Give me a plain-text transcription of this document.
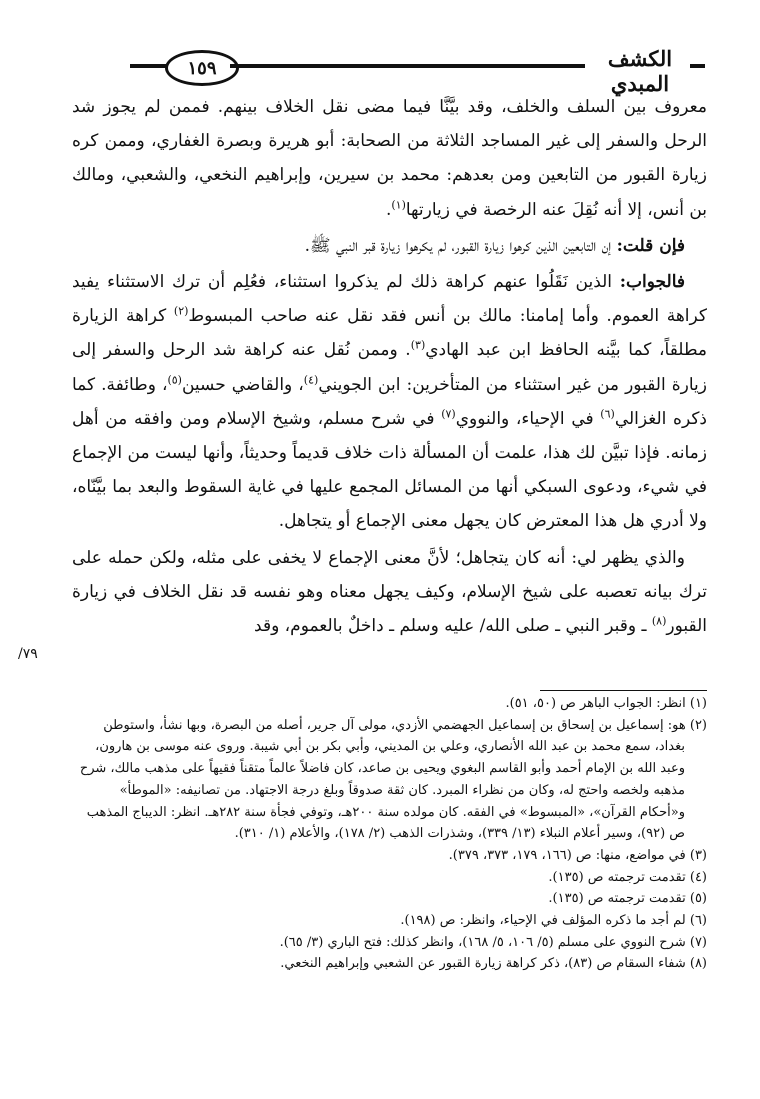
١٥٩	الكشف المبدي

معروف بين السلف والخلف، وقد بيَّنَّا فيما مضى نقل الخلاف بينهم. فممن لم يجوز شد الرحل والسفر إلى غير المساجد الثلاثة من الصحابة: أبو هريرة وبصرة الغفاري، وممن كره زيارة القبور من التابعين ومن بعدهم: محمد بن سيرين، وإبراهيم النخعي، والشعبي، ومالك بن أنس، إلا أنه نُقِلَ عنه الرخصة في زيارتها$^{(١)}$.

فإن قلت: إن التابعين الذين كرهوا زيارة القبور، لم يكرهوا زيارة قبر النبي ﷺ.

فالجواب: الذين نَقَلُوا عنهم كراهة ذلك لم يذكروا استثناء، فعُلِم أن ترك الاستثناء يفيد كراهة العموم. وأما إمامنا: مالك بن أنس فقد نقل عنه صاحب المبسوط$^{(٢)}$ كراهة الزيارة مطلقاً، كما بيَّنه الحافظ ابن عبد الهادي$^{(٣)}$. وممن نُقل عنه كراهة شد الرحل والسفر إلى زيارة القبور من غير استثناء من المتأخرين: ابن الجويني$^{(٤)}$، والقاضي حسين$^{(٥)}$، وطائفة. كما ذكره الغزالي$^{(٦)}$ في الإحياء، والنووي$^{(٧)}$ في شرح مسلم، وشيخ الإسلام ومن وافقه من أهل زمانه. فإذا تبيَّن لك هذا، علمت أن المسألة ذات خلاف قديماً وحديثاً، وأنها ليست من الإجماع في شيء، ودعوى السبكي أنها من المسائل المجمع عليها في غاية السقوط والبعد بما بيَّنّاه، ولا أدري هل هذا المعترض كان يجهل معنى الإجماع أو يتجاهل.

والذي يظهر لي: أنه كان يتجاهل؛ لأنَّ معنى الإجماع لا يخفى على مثله، ولكن حمله على ترك بيانه تعصبه على شيخ الإسلام، وكيف يجهل معناه وهو نفسه قد نقل الخلاف في زيارة القبور$^{(٨)}$ ـ وقبر النبي ـ صلى الله/ عليه وسلم ـ داخلٌ بالعموم، وقد

٧٩/

(١) انظر: الجواب الباهر ص (٥٠، ٥١).

(٢) هو: إسماعيل بن إسحاق بن إسماعيل الجهضمي الأزدي، مولى آل جرير، أصله من البصرة، وبها نشأ، واستوطن بغداد، سمع محمد بن عبد الله الأنصاري، وعلي بن المديني، وأبي بكر بن أبي شيبة. وروى عنه موسى بن هارون، وعبد الله بن الإمام أحمد وأبو القاسم البغوي ويحيى بن صاعد، كان فاضلاً عالماً متقناً فقيهاً على مذهب مالك، شرح مذهبه ولخصه واحتج له، وكان من نظراء المبرد. كان ثقة صدوقاً وبلغ درجة الاجتهاد. من تصانيفه: «الموطأ» و«أحكام القرآن»، «المبسوط» في الفقه. كان مولده سنة ٢٠٠هـ، وتوفي فجأة سنة ٢٨٢هـ. انظر: الديباج المذهب ص (٩٢)، وسير أعلام النبلاء (١٣/ ٣٣٩)، وشذرات الذهب (٢/ ١٧٨)، والأعلام (١/ ٣١٠).

(٣) في مواضع، منها: ص (١٦٦، ١٧٩، ٣٧٣، ٣٧٩).

(٤) تقدمت ترجمته ص (١٣٥).

(٥) تقدمت ترجمته ص (١٣٥).

(٦) لم أجد ما ذكره المؤلف في الإحياء، وانظر: ص (١٩٨).

(٧) شرح النووي على مسلم (٥/ ١٠٦، ٥/ ١٦٨)، وانظر كذلك: فتح الباري (٣/ ٦٥).

(٨) شفاء السقام ص (٨٣)، ذكر كراهة زيارة القبور عن الشعبي وإبراهيم النخعي.
